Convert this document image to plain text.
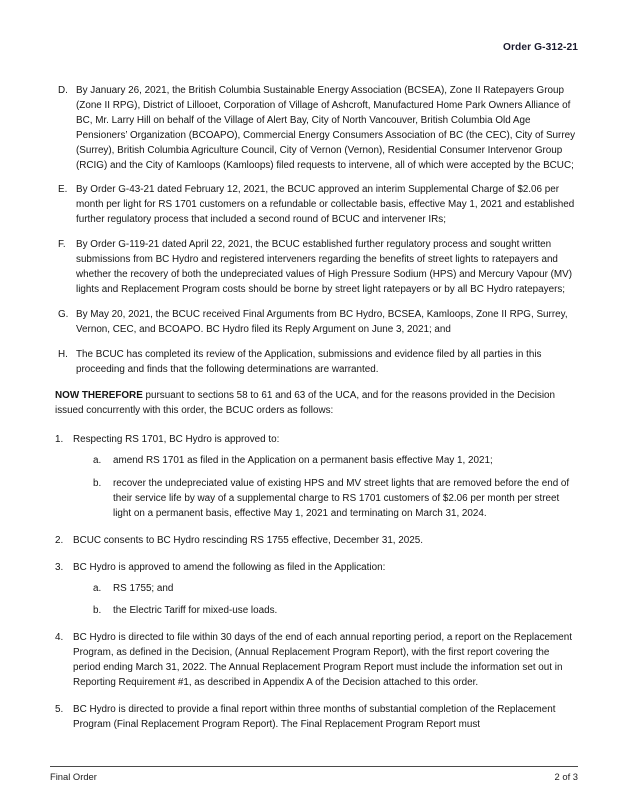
Order G-312-21
D. By January 26, 2021, the British Columbia Sustainable Energy Association (BCSEA), Zone II Ratepayers Group (Zone II RPG), District of Lillooet, Corporation of Village of Ashcroft, Manufactured Home Park Owners Alliance of BC, Mr. Larry Hill on behalf of the Village of Alert Bay, City of North Vancouver, British Columbia Old Age Pensioners’ Organization (BCOAPO), Commercial Energy Consumers Association of BC (the CEC), City of Surrey (Surrey), British Columbia Agriculture Council, City of Vernon (Vernon), Residential Consumer Intervenor Group (RCIG) and the City of Kamloops (Kamloops) filed requests to intervene, all of which were accepted by the BCUC;
E. By Order G-43-21 dated February 12, 2021, the BCUC approved an interim Supplemental Charge of $2.06 per month per light for RS 1701 customers on a refundable or collectable basis, effective May 1, 2021 and established further regulatory process that included a second round of BCUC and intervener IRs;
F.	By Order G-119-21 dated April 22, 2021, the BCUC established further regulatory process and sought written submissions from BC Hydro and registered interveners regarding the benefits of street lights to ratepayers and whether the recovery of both the undepreciated values of High Pressure Sodium (HPS) and Mercury Vapour (MV) lights and Replacement Program costs should be borne by street light ratepayers or by all BC Hydro ratepayers;
G. By May 20, 2021, the BCUC received Final Arguments from BC Hydro, BCSEA, Kamloops, Zone II RPG, Surrey, Vernon, CEC, and BCOAPO. BC Hydro filed its Reply Argument on June 3, 2021; and
H. The BCUC has completed its review of the Application, submissions and evidence filed by all parties in this proceeding and finds that the following determinations are warranted.
NOW THEREFORE pursuant to sections 58 to 61 and 63 of the UCA, and for the reasons provided in the Decision issued concurrently with this order, the BCUC orders as follows:
1. Respecting RS 1701, BC Hydro is approved to:
a.	amend RS 1701 as filed in the Application on a permanent basis effective May 1, 2021;
b.	recover the undepreciated value of existing HPS and MV street lights that are removed before the end of their service life by way of a supplemental charge to RS 1701 customers of $2.06 per month per street light on a permanent basis, effective May 1, 2021 and terminating on March 31, 2024.
2. BCUC consents to BC Hydro rescinding RS 1755 effective, December 31, 2025.
3. BC Hydro is approved to amend the following as filed in the Application:
a.	RS 1755; and
b.	the Electric Tariff for mixed-use loads.
4. BC Hydro is directed to file within 30 days of the end of each annual reporting period, a report on the Replacement Program, as defined in the Decision, (Annual Replacement Program Report), with the first report covering the period ending March 31, 2022. The Annual Replacement Program Report must include the information set out in Reporting Requirement #1, as described in Appendix A of the Decision attached to this order.
5. BC Hydro is directed to provide a final report within three months of substantial completion of the Replacement Program (Final Replacement Program Report). The Final Replacement Program Report must
Final Order	2 of 3
